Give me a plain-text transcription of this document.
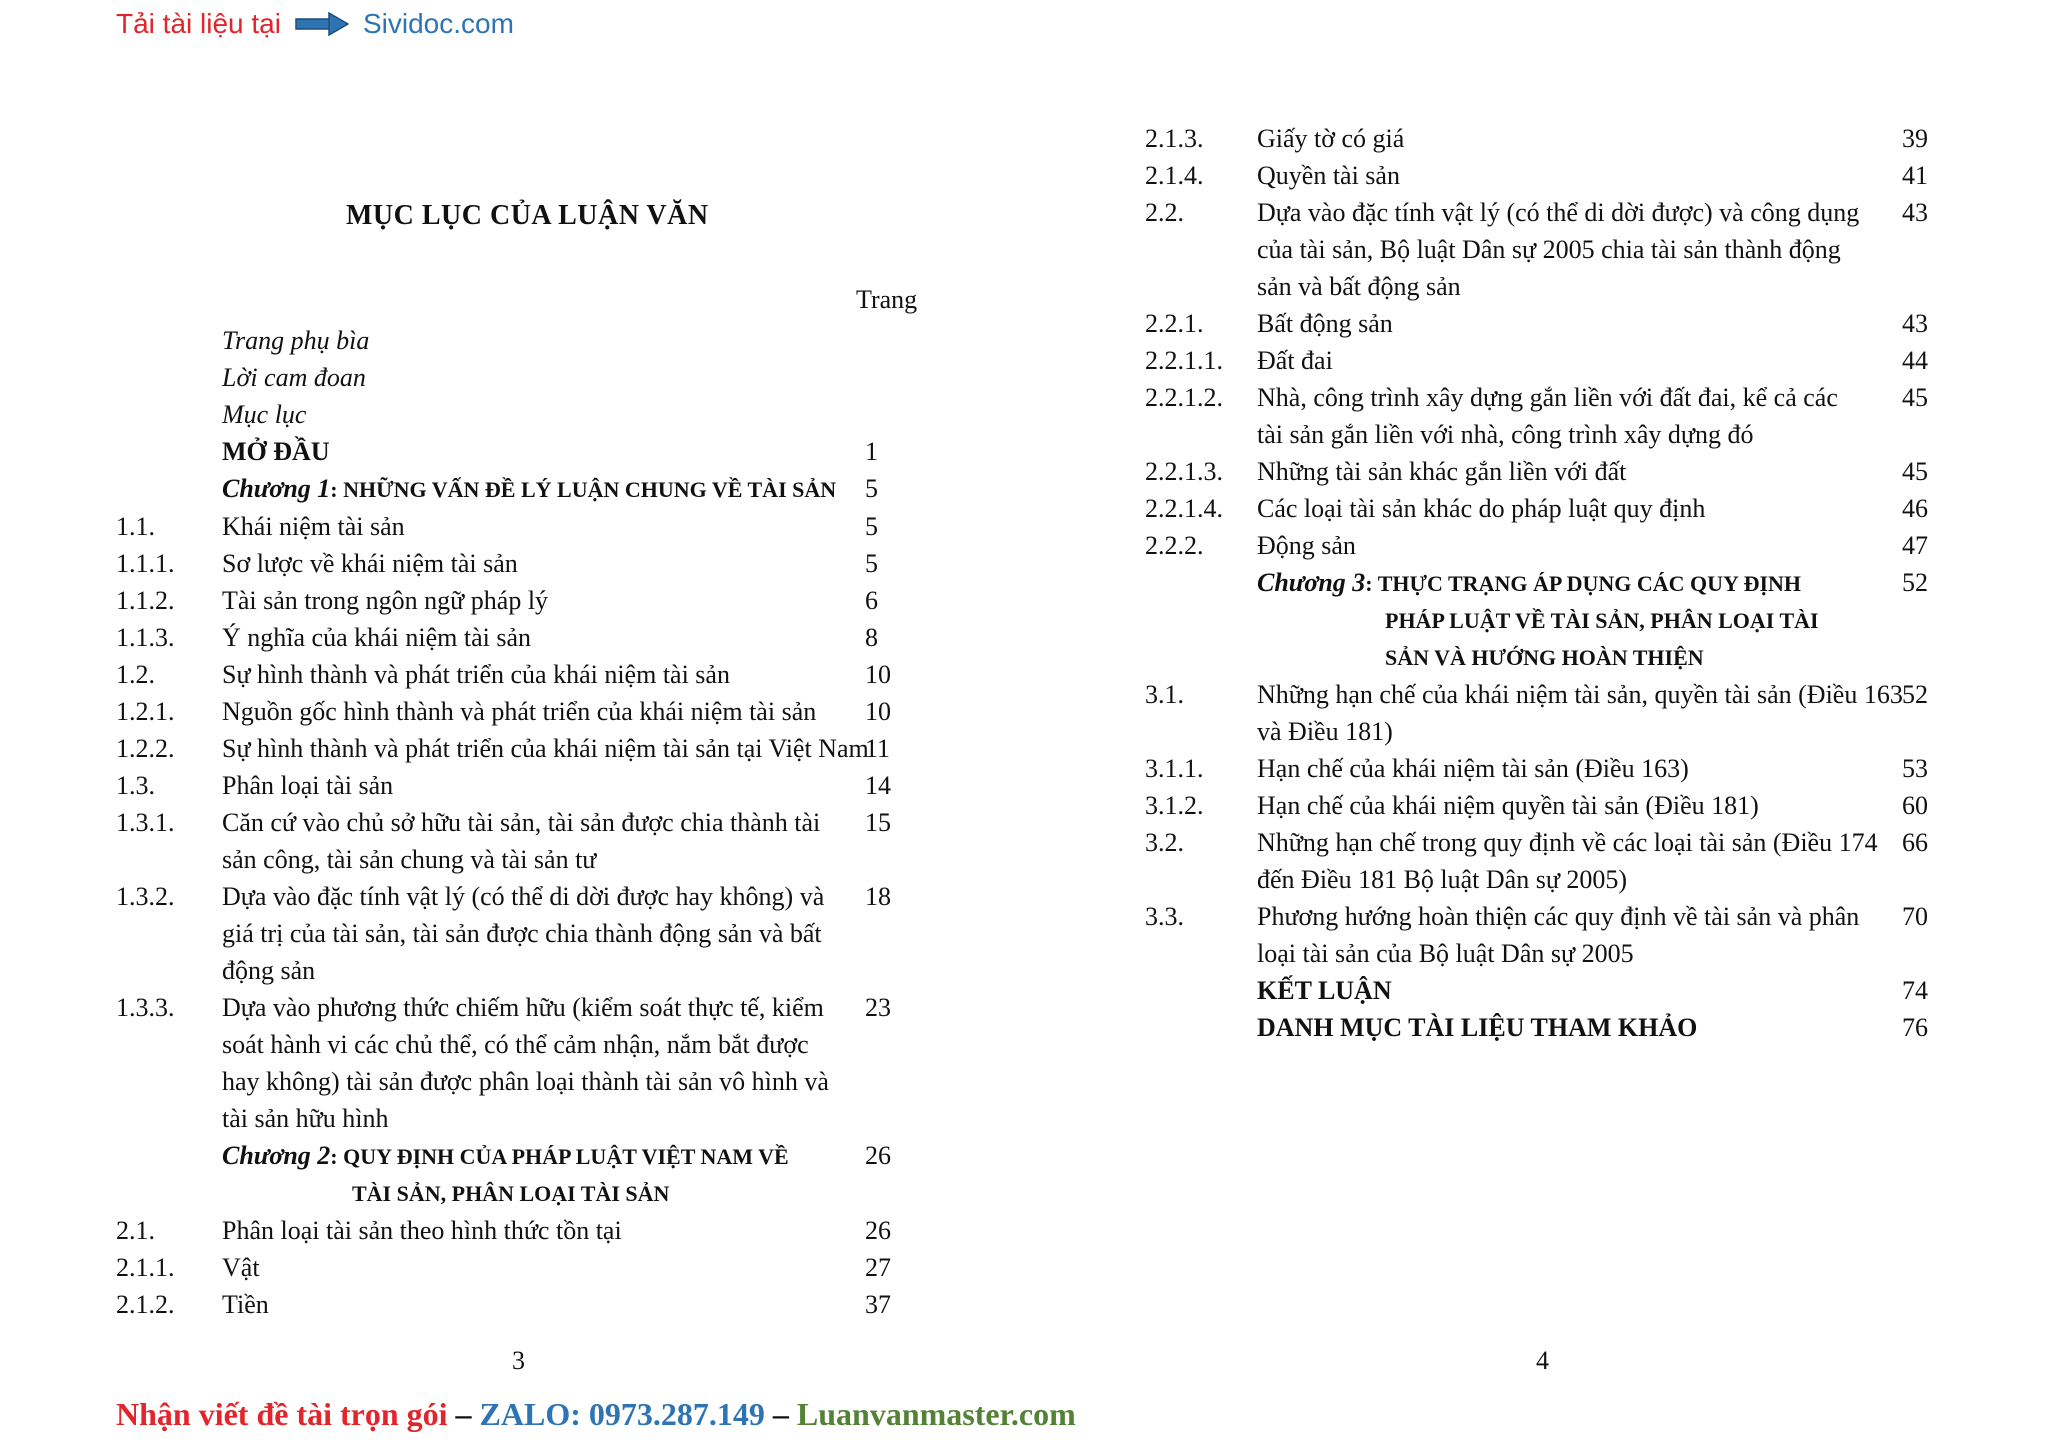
Tải tài liệu tại	Sividoc.com
MỤC LỤC CỦA LUẬN VĂN
Trang
Trang phụ bìa
Lời cam đoan
Mục lục
MỞ ĐẦU	1
Chương 1: NHỮNG VẤN ĐỀ LÝ LUẬN CHUNG VỀ TÀI SẢN	5
1.1.	Khái niệm tài sản	5
1.1.1. Sơ lược về khái niệm tài sản	5
1.1.2. Tài sản trong ngôn ngữ pháp lý	6
1.1.3. Ý nghĩa của khái niệm tài sản	8
1.2.	Sự hình thành và phát triển của khái niệm tài sản	10
1.2.1. Nguồn gốc hình thành và phát triển của khái niệm tài sản	10
1.2.2. Sự hình thành và phát triển của khái niệm tài sản tại Việt Nam
11
1.3.	Phân loại tài sản	14
1.3.1. Căn cứ vào chủ sở hữu tài sản, tài sản được chia thành tài
sản công, tài sản chung và tài sản tư
15
1.3.2. Dựa vào đặc tính vật lý (có thể di dời được hay không) và
giá trị của tài sản, tài sản được chia thành động sản và bất
động sản
18
1.3.3. Dựa vào phương thức chiếm hữu (kiểm soát thực tế, kiểm
soát hành vi các chủ thể, có thể cảm nhận, nắm bắt được
hay không) tài sản được phân loại thành tài sản vô hình và
tài sản hữu hình
23
Chương 2: QUY ĐỊNH CỦA PHÁP LUẬT VIỆT NAM VỀ
TÀI SẢN, PHÂN LOẠI TÀI SẢN
26
2.1.	Phân loại tài sản theo hình thức tồn tại	26
2.1.1. Vật	27
2.1.2. Tiền	37
3
2.1.3. Giấy tờ có giá	39
2.1.4. Quyền tài sản	41
2.2.	Dựa vào đặc tính vật lý (có thể di dời được) và công dụng
của tài sản, Bộ luật Dân sự 2005 chia tài sản thành động
sản và bất động sản
43
2.2.1. Bất động sản	43
2.2.1.1. Đất đai	44
2.2.1.2. Nhà, công trình xây dựng gắn liền với đất đai, kể cả các
tài sản gắn liền với nhà, công trình xây dựng đó
45
2.2.1.3. Những tài sản khác gắn liền với đất	45
2.2.1.4. Các loại tài sản khác do pháp luật quy định	46
2.2.2. Động sản	47
Chương 3: THỰC TRẠNG ÁP DỤNG CÁC QUY ĐỊNH
PHÁP LUẬT VỀ TÀI SẢN, PHÂN LOẠI TÀI
SẢN VÀ HƯỚNG HOÀN THIỆN
52
3.1.	Những hạn chế của khái niệm tài sản, quyền tài sản (Điều 163
và Điều 181)
52
3.1.1. Hạn chế của khái niệm tài sản (Điều 163)	53
3.1.2. Hạn chế của khái niệm quyền tài sản (Điều 181)	60
3.2.	Những hạn chế trong quy định về các loại tài sản (Điều 174
đến Điều 181 Bộ luật Dân sự 2005)
66
3.3.	Phương hướng hoàn thiện các quy định về tài sản và phân
loại tài sản của Bộ luật Dân sự 2005
70
KẾT LUẬN	74
DANH MỤC TÀI LIỆU THAM KHẢO	76
4
Nhận viết đề tài trọn gói – ZALO: 0973.287.149 – Luanvanmaster.com
